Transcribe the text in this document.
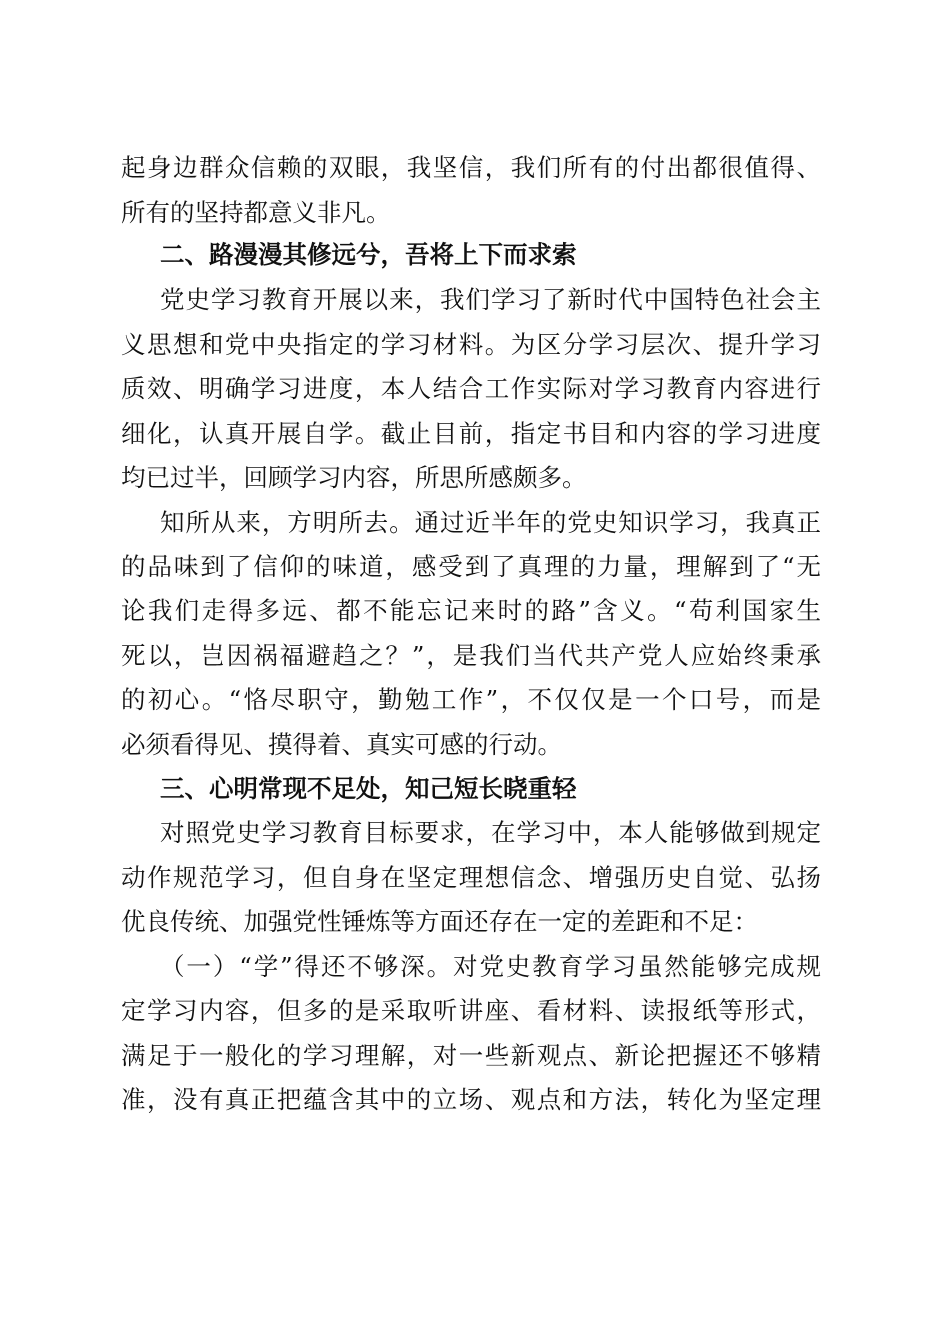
起身边群众信赖的双眼，我坚信，我们所有的付出都很值得、
所有的坚持都意义非凡。
二、路漫漫其修远兮，吾将上下而求索
党史学习教育开展以来，我们学习了新时代中国特色社会主
义思想和党中央指定的学习材料。为区分学习层次、提升学习
质效、明确学习进度，本人结合工作实际对学习教育内容进行
细化，认真开展自学。截止目前，指定书目和内容的学习进度
均已过半，回顾学习内容，所思所感颇多。
知所从来，方明所去。通过近半年的党史知识学习，我真正
的品味到了信仰的味道，感受到了真理的力量，理解到了“无
论我们走得多远、都不能忘记来时的路”含义。“苟利国家生
死以，岂因祸福避趋之？”，是我们当代共产党人应始终秉承
的初心。“恪尽职守，勤勉工作”，不仅仅是一个口号，而是
必须看得见、摸得着、真实可感的行动。
三、心明常现不足处，知己短长晓重轻
对照党史学习教育目标要求，在学习中，本人能够做到规定
动作规范学习，但自身在坚定理想信念、增强历史自觉、弘扬
优良传统、加强党性锤炼等方面还存在一定的差距和不足：
（一）“学”得还不够深。对党史教育学习虽然能够完成规
定学习内容，但多的是采取听讲座、看材料、读报纸等形式，
满足于一般化的学习理解，对一些新观点、新论把握还不够精
准，没有真正把蕴含其中的立场、观点和方法，转化为坚定理
